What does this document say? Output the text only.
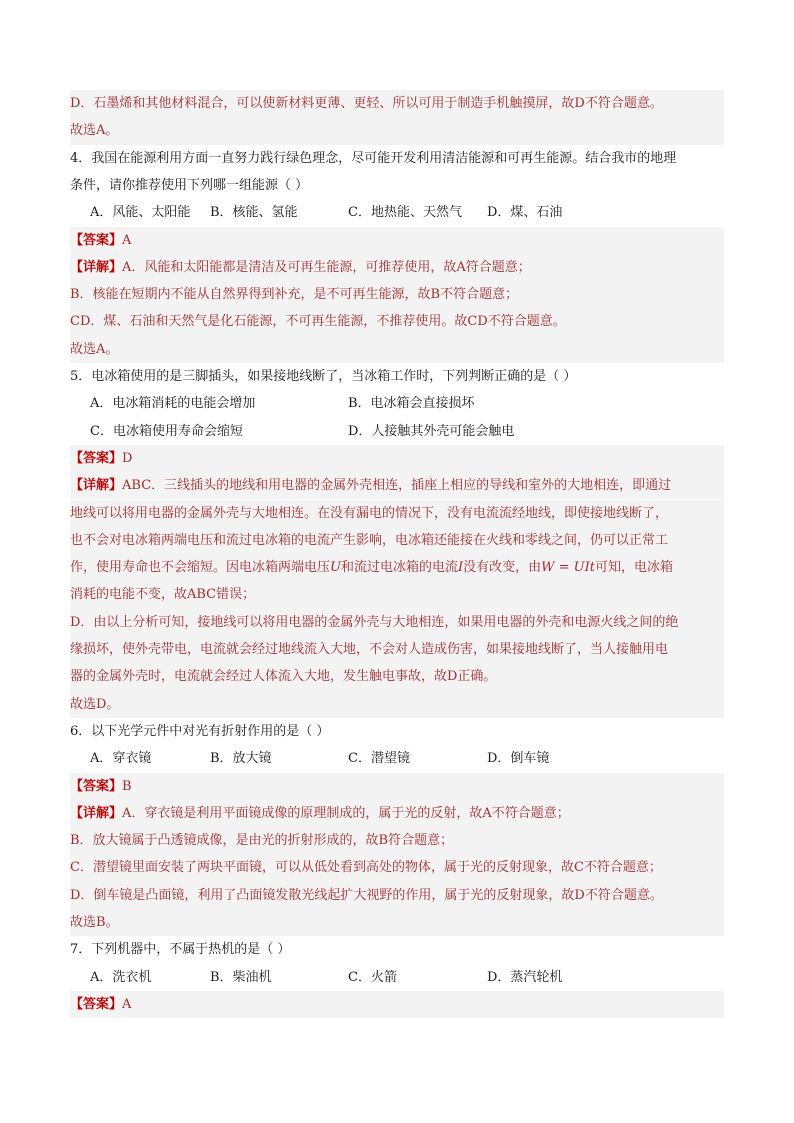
D．石墨烯和其他材料混合，可以使新材料更薄、更轻、所以可用于制造手机触摸屏，故D不符合题意。
故选A。
4．我国在能源利用方面一直努力践行绿色理念，尽可能开发利用清洁能源和可再生能源。结合我市的地理
条件，请你推荐使用下列哪一组能源（ ）
A．风能、太阳能 B．核能、氢能	C．地热能、天然气 D．煤、石油
【答案】A
【详解】A．风能和太阳能都是清洁及可再生能源，可推荐使用，故A符合题意；
B．核能在短期内不能从自然界得到补充，是不可再生能源，故B不符合题意；
CD．煤、石油和天然气是化石能源，不可再生能源，不推荐使用。故CD不符合题意。
故选A。
5．电冰箱使用的是三脚插头，如果接地线断了，当冰箱工作时，下列判断正确的是（ ）
A．电冰箱消耗的电能会增加	B．电冰箱会直接损坏
C．电冰箱使用寿命会缩短	D．人接触其外壳可能会触电
【答案】D
【详解】ABC．三线插头的地线和用电器的金属外壳相连，插座上相应的导线和室外的大地相连，即通过
地线可以将用电器的金属外壳与大地相连。在没有漏电的情况下，没有电流流经地线，即使接地线断了，
也不会对电冰箱两端电压和流过电冰箱的电流产生影响，电冰箱还能接在火线和零线之间，仍可以正常工
作，使用寿命也不会缩短。因电冰箱两端电压U和流过电冰箱的电流I没有改变，由W = UIt可知，电冰箱
消耗的电能不变，故ABC错误；
D．由以上分析可知，接地线可以将用电器的金属外壳与大地相连，如果用电器的外壳和电源火线之间的绝
缘损坏，使外壳带电，电流就会经过地线流入大地，不会对人造成伤害，如果接地线断了，当人接触用电
器的金属外壳时，电流就会经过人体流入大地，发生触电事故，故D正确。
故选D。
6．以下光学元件中对光有折射作用的是（ ）
A．穿衣镜	B．放大镜	C．潜望镜	D．倒车镜
【答案】B
【详解】A．穿衣镜是利用平面镜成像的原理制成的，属于光的反射，故A不符合题意；
B．放大镜属于凸透镜成像，是由光的折射形成的，故B符合题意；
C．潜望镜里面安装了两块平面镜，可以从低处看到高处的物体，属于光的反射现象，故C不符合题意；
D．倒车镜是凸面镜，利用了凸面镜发散光线起扩大视野的作用，属于光的反射现象，故D不符合题意。
故选B。
7．下列机器中，不属于热机的是（ ）
A．洗衣机	B．柴油机	C．火箭	D．蒸汽轮机
【答案】A
